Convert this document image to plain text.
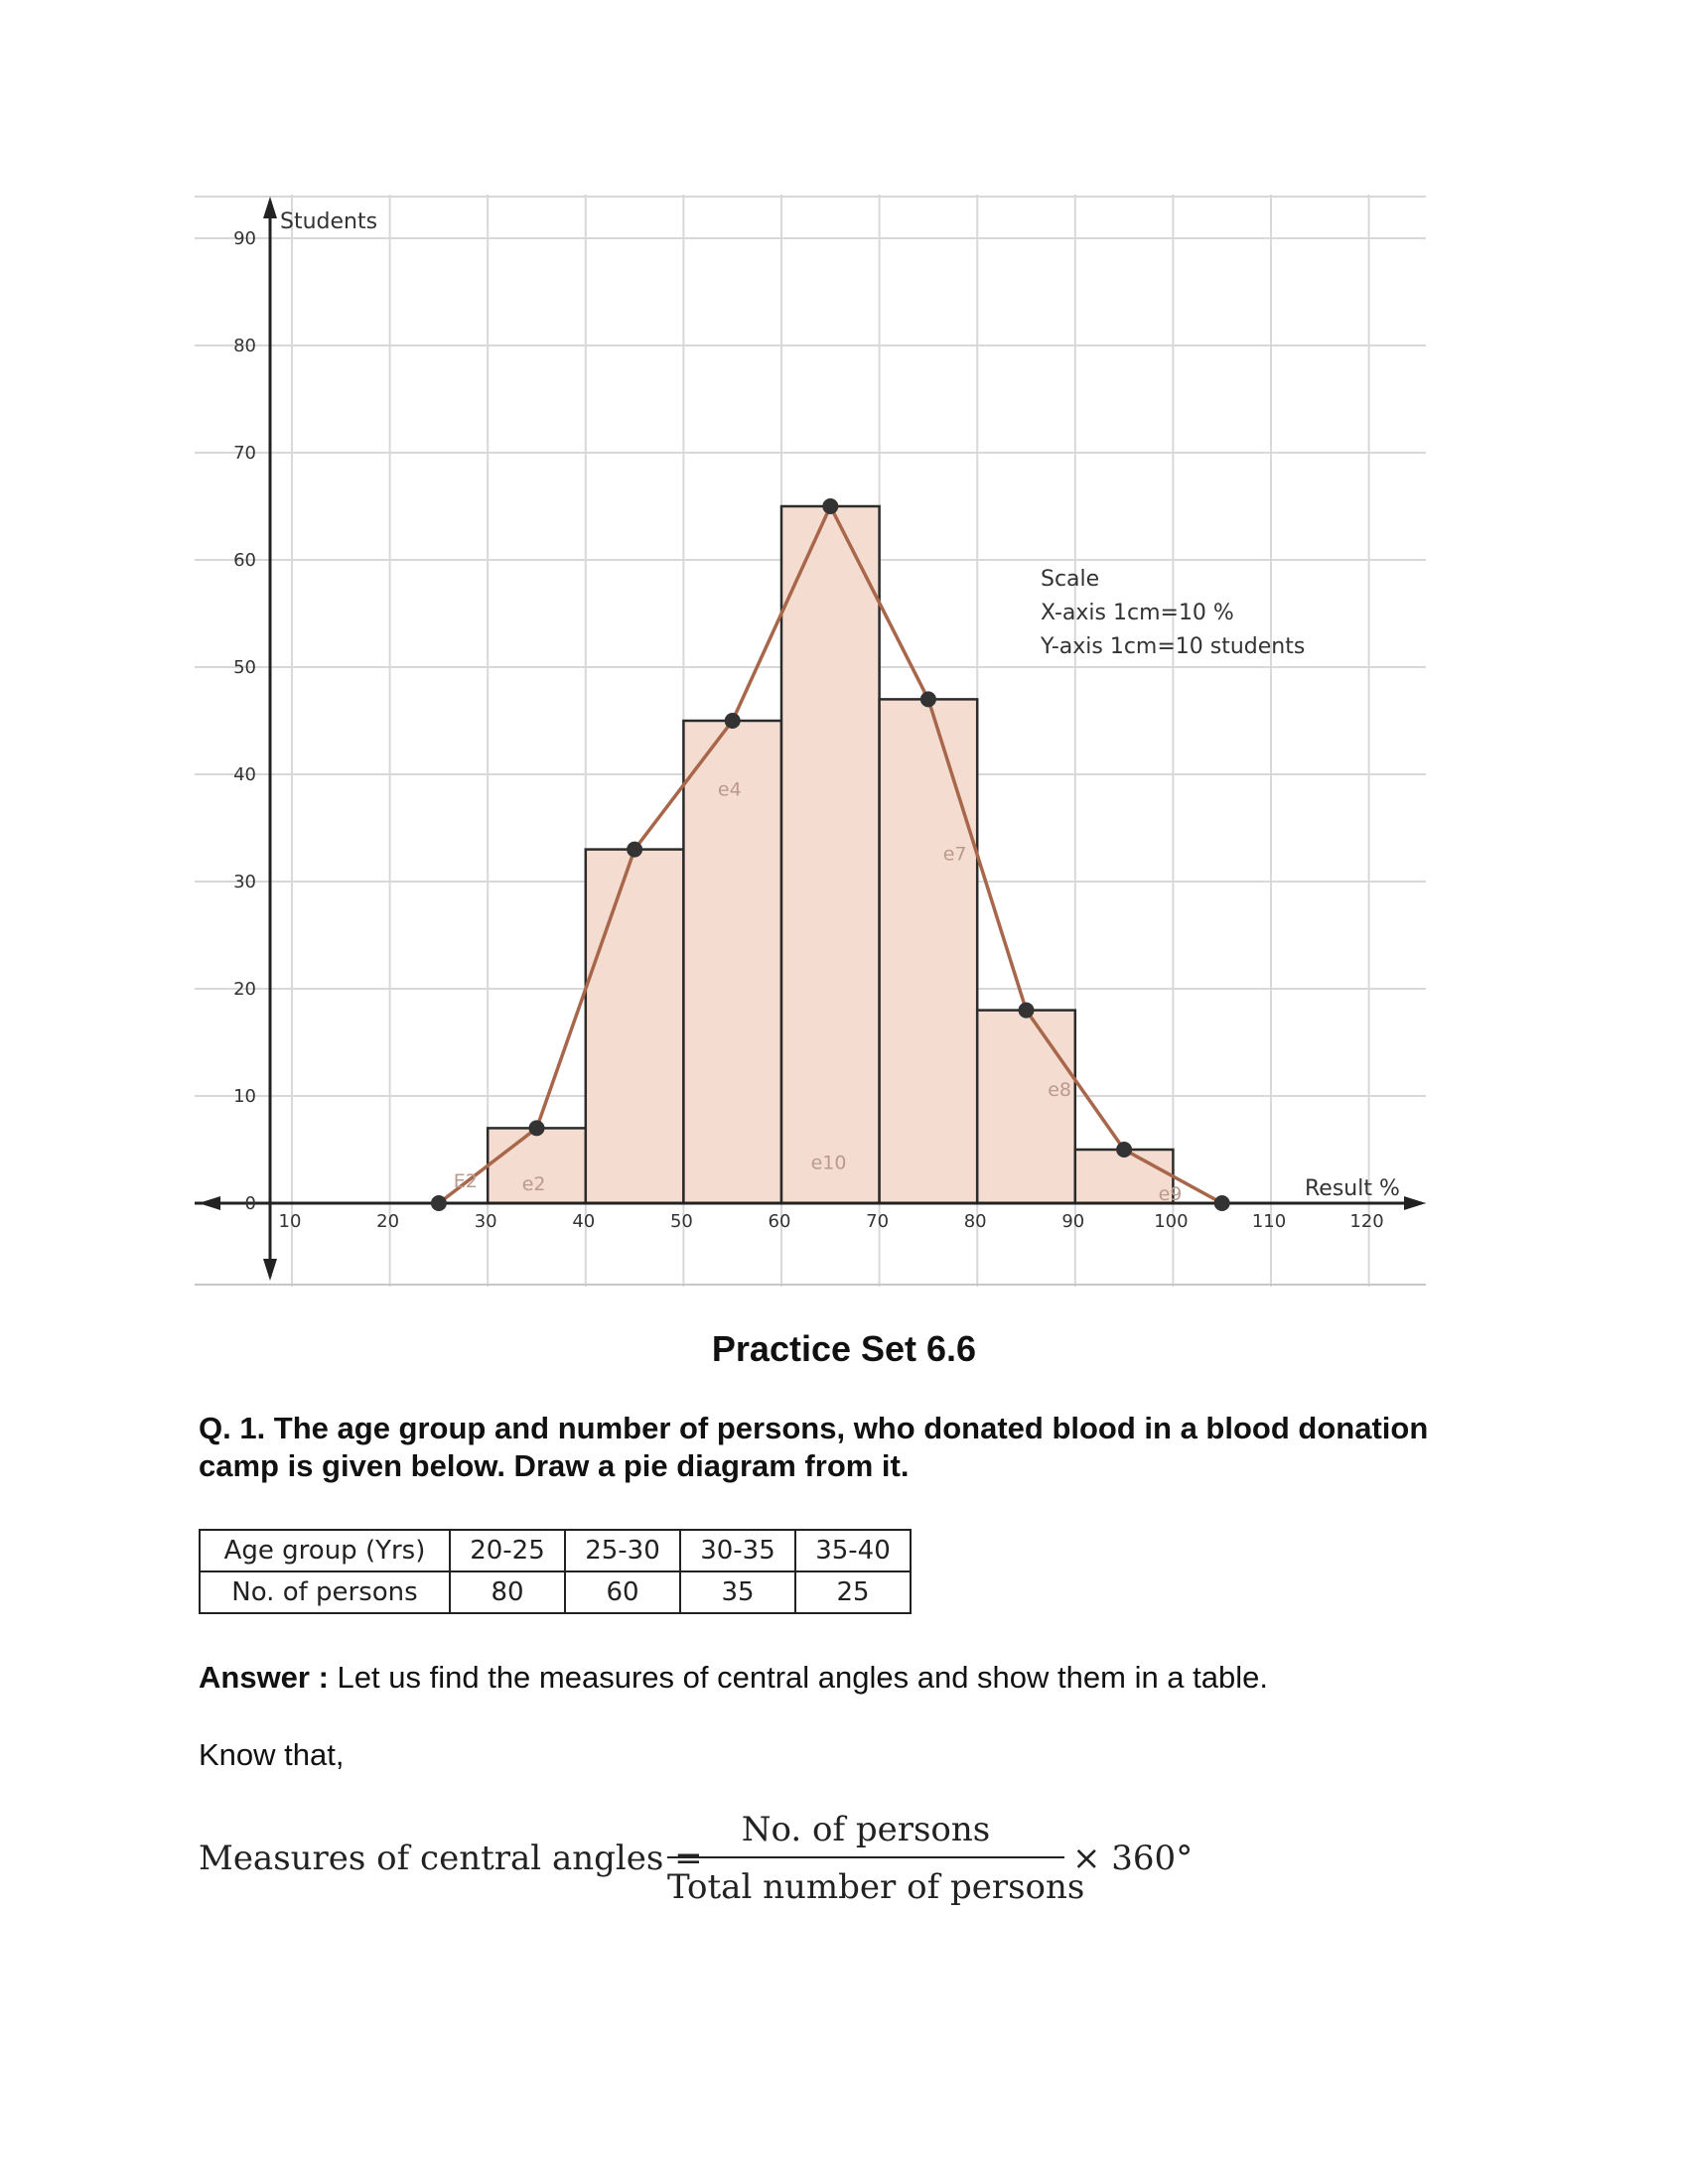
10	20	30	40	50	60	70	80	90	100	110	120
0
10
20
30
40
50
60
70
80
90
E2 e2
e4
e7
e8
e10
e9
Students
Result %
Scale
X-axis 1cm=10 %
Y-axis 1cm=10 students
Practice Set 6.6
Q. 1. The age group and number of persons, who donated blood in a blood donation camp is given below. Draw a pie diagram from it.
Age group (Yrs)	20-25	25-30	30-35	35-40
No. of persons	80	60	35	25
Answer : Let us find the measures of central angles and show them in a table.
Know that,
Measures of central angles =
No. of persons
Total number of persons
× 360°
